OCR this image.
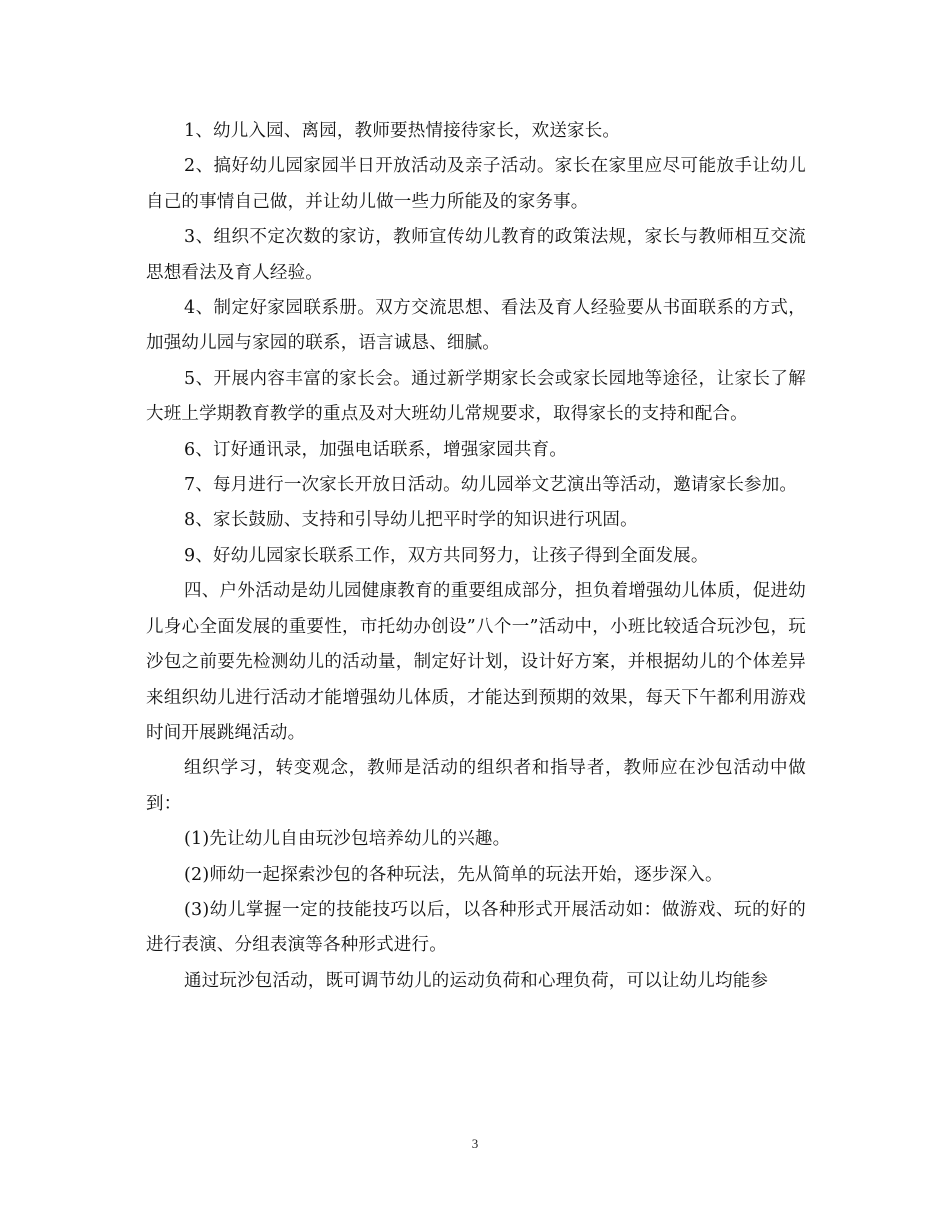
1、幼儿入园、离园，教师要热情接待家长，欢送家长。

2、搞好幼儿园家园半日开放活动及亲子活动。家长在家里应尽可能放手让幼儿自己的事情自己做，并让幼儿做一些力所能及的家务事。

3、组织不定次数的家访，教师宣传幼儿教育的政策法规，家长与教师相互交流思想看法及育人经验。

4、制定好家园联系册。双方交流思想、看法及育人经验要从书面联系的方式，加强幼儿园与家园的联系，语言诚恳、细腻。

5、开展内容丰富的家长会。通过新学期家长会或家长园地等途径，让家长了解大班上学期教育教学的重点及对大班幼儿常规要求，取得家长的支持和配合。

6、订好通讯录，加强电话联系，增强家园共育。

7、每月进行一次家长开放日活动。幼儿园举文艺演出等活动，邀请家长参加。

8、家长鼓励、支持和引导幼儿把平时学的知识进行巩固。

9、好幼儿园家长联系工作，双方共同努力，让孩子得到全面发展。

四、户外活动是幼儿园健康教育的重要组成部分，担负着增强幼儿体质，促进幼儿身心全面发展的重要性，市托幼办创设”八个一”活动中，小班比较适合玩沙包，玩沙包之前要先检测幼儿的活动量，制定好计划，设计好方案，并根据幼儿的个体差异来组织幼儿进行活动才能增强幼儿体质，才能达到预期的效果，每天下午都利用游戏时间开展跳绳活动。

组织学习，转变观念，教师是活动的组织者和指导者，教师应在沙包活动中做到：

(1)先让幼儿自由玩沙包培养幼儿的兴趣。

(2)师幼一起探索沙包的各种玩法，先从简单的玩法开始，逐步深入。

(3)幼儿掌握一定的技能技巧以后，以各种形式开展活动如：做游戏、玩的好的进行表演、分组表演等各种形式进行。

通过玩沙包活动，既可调节幼儿的运动负荷和心理负荷，可以让幼儿均能参

3
